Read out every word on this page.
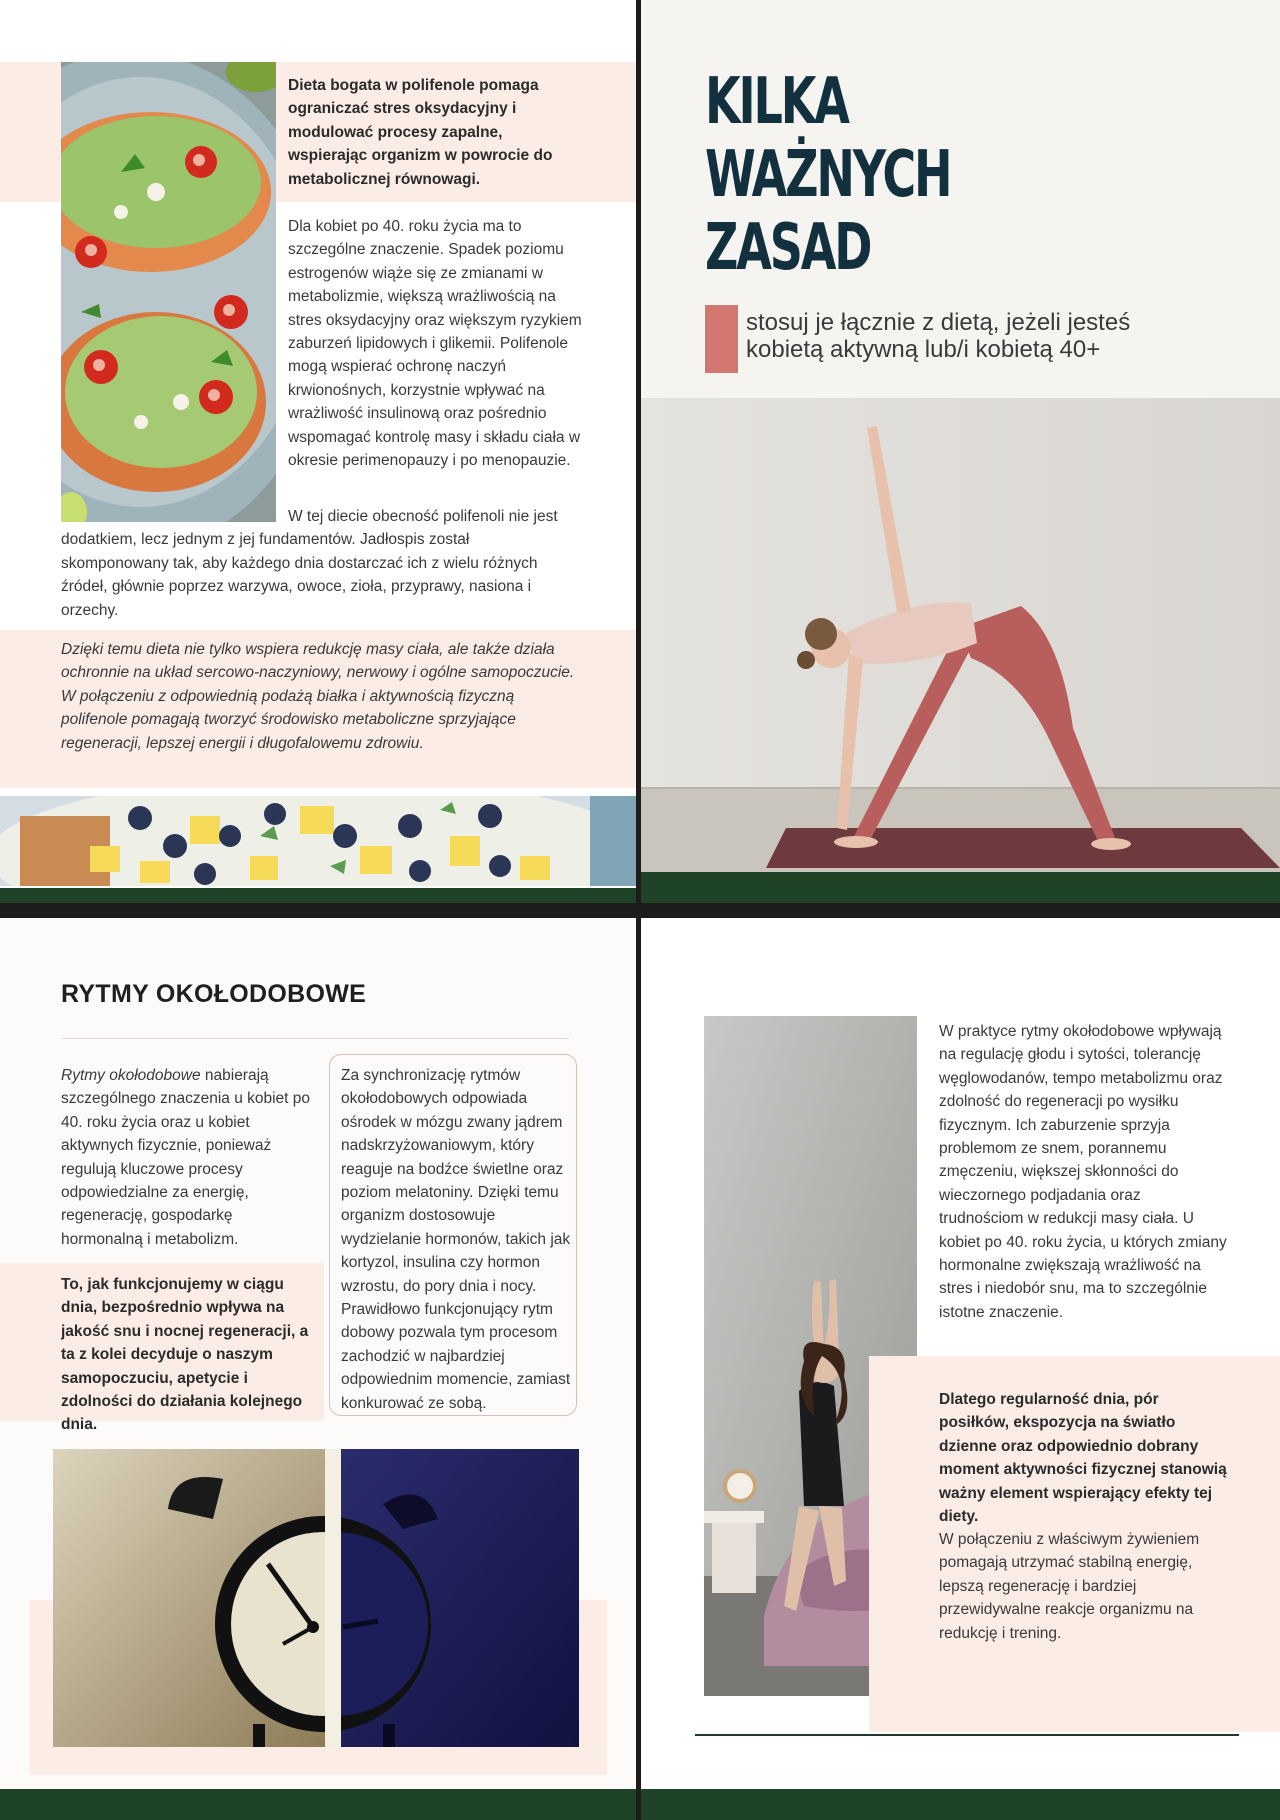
Dieta bogata w polifenole pomaga ograniczać stres oksydacyjny i modulować procesy zapalne, wspierając organizm w powrocie do metabolicznej równowagi.
Dla kobiet po 40. roku życia ma to szczególne znaczenie. Spadek poziomu estrogenów wiąże się ze zmianami w metabolizmie, większą wrażliwością na stres oksydacyjny oraz większym ryzykiem zaburzeń lipidowych i glikemii. Polifenole mogą wspierać ochronę naczyń krwionośnych, korzystnie wpływać na wrażliwość insulinową oraz pośrednio wspomagać kontrolę masy i składu ciała w okresie perimenopauzy i po menopauzie.
W tej diecie obecność polifenoli nie jest dodatkiem, lecz jednym z jej fundamentów. Jadłospis został skomponowany tak, aby każdego dnia dostarczać ich z wielu różnych źródeł, głównie poprzez warzywa, owoce, zioła, przyprawy, nasiona i orzechy.
Dzięki temu dieta nie tylko wspiera redukcję masy ciała, ale także działa ochronnie na układ sercowo-naczyniowy, nerwowy i ogólne samopoczucie. W połączeniu z odpowiednią podażą białka i aktywnością fizyczną polifenole pomagają tworzyć środowisko metaboliczne sprzyjające regeneracji, lepszej energii i długofalowemu zdrowiu.
KILKA
WAŻNYCH
ZASAD
stosuj je łącznie z dietą, jeżeli jesteś
kobietą aktywną lub/i kobietą 40+
RYTMY OKOŁODOBOWE
Rytmy okołodobowe nabierają szczególnego znaczenia u kobiet po 40. roku życia oraz u kobiet aktywnych fizycznie, ponieważ regulują kluczowe procesy odpowiedzialne za energię, regenerację, gospodarkę hormonalną i metabolizm.
To, jak funkcjonujemy w ciągu dnia, bezpośrednio wpływa na jakość snu i nocnej regeneracji, a ta z kolei decyduje o naszym samopoczuciu, apetycie i zdolności do działania kolejnego dnia.
Za synchronizację rytmów okołodobowych odpowiada ośrodek w mózgu zwany jądrem nadskrzyżowaniowym, który reaguje na bodźce świetlne oraz poziom melatoniny. Dzięki temu organizm dostosowuje wydzielanie hormonów, takich jak kortyzol, insulina czy hormon wzrostu, do pory dnia i nocy. Prawidłowo funkcjonujący rytm dobowy pozwala tym procesom zachodzić w najbardziej odpowiednim momencie, zamiast konkurować ze sobą.
W praktyce rytmy okołodobowe wpływają na regulację głodu i sytości, tolerancję węglowodanów, tempo metabolizmu oraz zdolność do regeneracji po wysiłku fizycznym. Ich zaburzenie sprzyja problemom ze snem, porannemu zmęczeniu, większej skłonności do wieczornego podjadania oraz trudnościom w redukcji masy ciała. U kobiet po 40. roku życia, u których zmiany hormonalne zwiększają wrażliwość na stres i niedobór snu, ma to szczególnie istotne znaczenie.
Dlatego regularność dnia, pór posiłków, ekspozycja na światło dzienne oraz odpowiednio dobrany moment aktywności fizycznej stanowią ważny element wspierający efekty tej diety.
W połączeniu z właściwym żywieniem pomagają utrzymać stabilną energię, lepszą regenerację i bardziej przewidywalne reakcje organizmu na redukcję i trening.
